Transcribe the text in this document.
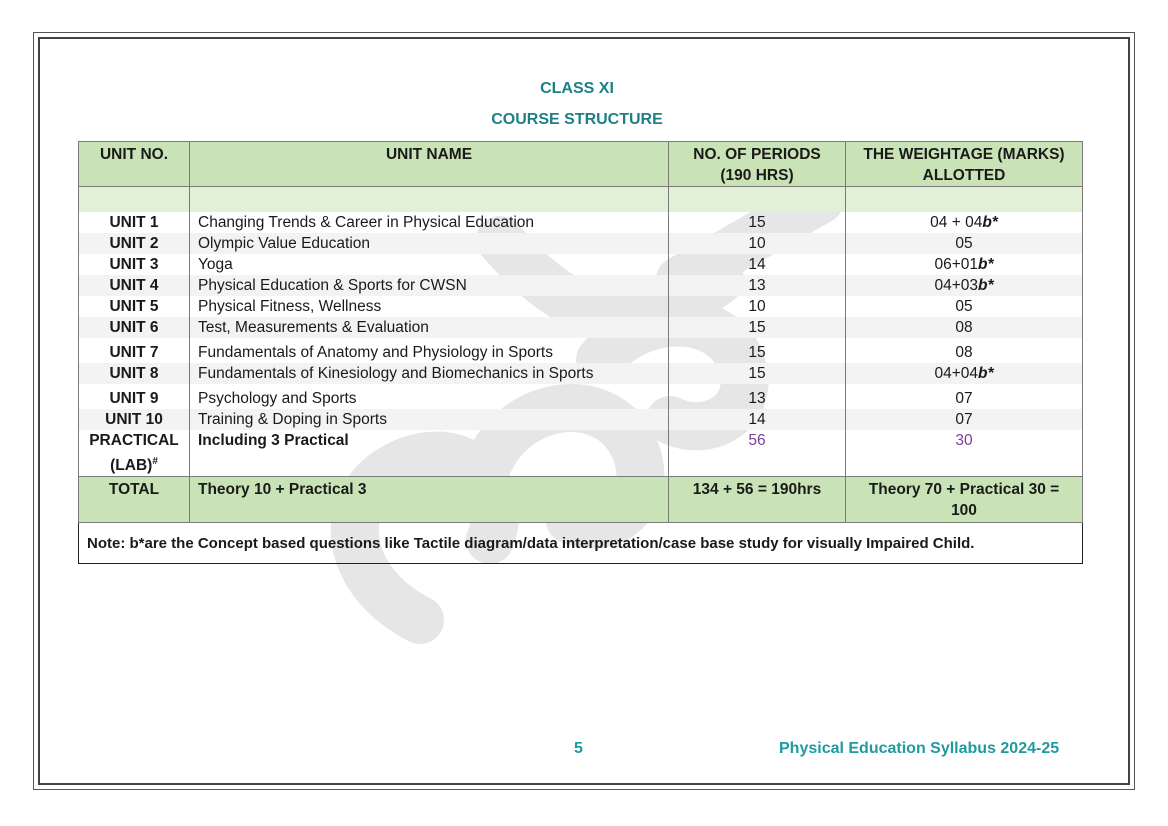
CLASS XI
COURSE STRUCTURE
UNIT NO.	UNIT NAME	NO. OF PERIODS (190 HRS)	THE WEIGHTAGE (MARKS) ALLOTTED

UNIT 1	Changing Trends & Career in Physical Education	15	04 + 04b*
UNIT 2	Olympic Value Education	10	05
UNIT 3	Yoga	14	06+01b*
UNIT 4	Physical Education & Sports for CWSN	13	04+03b*
UNIT 5	Physical Fitness, Wellness	10	05
UNIT 6	Test, Measurements & Evaluation	15	08
UNIT 7	Fundamentals of Anatomy and Physiology in Sports	15	08
UNIT 8	Fundamentals of Kinesiology and Biomechanics in Sports	15	04+04b*
UNIT 9	Psychology and Sports	13	07
UNIT 10	Training & Doping in Sports	14	07
PRACTICAL (LAB)#	Including 3 Practical	56	30
TOTAL	Theory 10 + Practical 3	134 + 56 = 190hrs	Theory 70 + Practical 30 = 100
Note: b*are the Concept based questions like Tactile diagram/data interpretation/case base study for visually Impaired Child.			
5	Physical Education Syllabus 2024-25
